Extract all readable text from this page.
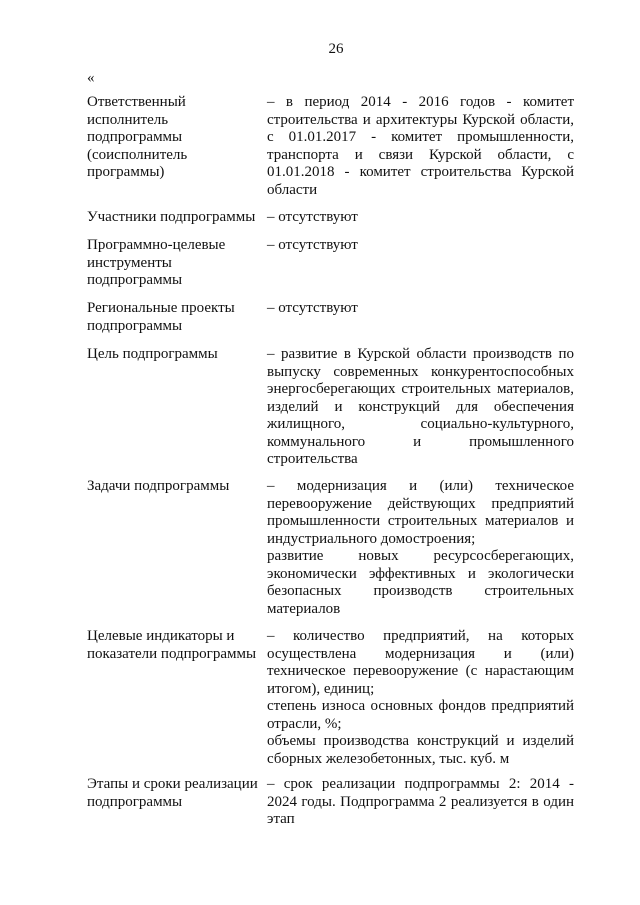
26
«
Ответственный исполнитель подпрограммы (соисполнитель программы)

– в период 2014 - 2016 годов - комитет строительства и архитектуры Курской области, с 01.01.2017 - комитет промышленности, транспорта и связи Курской области, с 01.01.2018 - комитет строительства Курской области

Участники подпрограммы – отсутствуют

Программно-целевые инструменты подпрограммы

– отсутствуют

Региональные проекты подпрограммы

– отсутствуют

Цель подпрограммы	– развитие в Курской области производств по выпуску современных конкурентоспособных энергосберегающих строительных материалов, изделий и конструкций для обеспечения жилищного, социально-культурного, коммунального и промышленного строительства

Задачи подпрограммы	– модернизация и (или) техническое перевооружение действующих предприятий промышленности строительных материалов и индустриального домостроения;

развитие новых ресурсосберегающих, экономически эффективных и экологически безопасных производств строительных материалов

Целевые индикаторы и показатели подпрограммы

– количество предприятий, на которых осуществлена модернизация и (или) техническое перевооружение (с нарастающим итогом), единиц;

степень износа основных фондов предприятий отрасли, %;

объемы производства конструкций и изделий сборных железобетонных, тыс. куб. м

Этапы и сроки реализации подпрограммы

– срок реализации подпрограммы 2: 2014 - 2024 годы. Подпрограмма 2 реализуется в один этап
